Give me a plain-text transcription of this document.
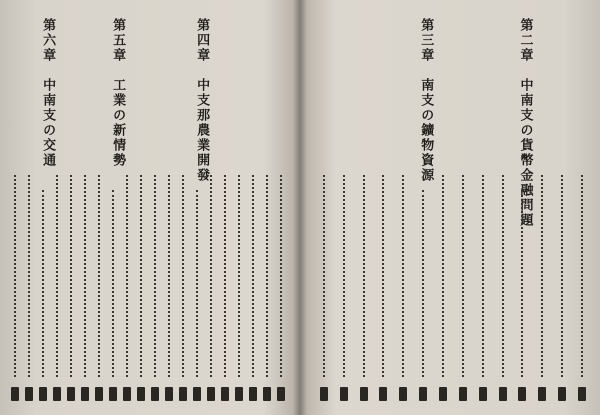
第四章　中支那農業開發

第五章　工業の新情勢

第六章　中南支の交通

第二章　中南支の貨幣金融問題

第三章　南支の鑛物資源
